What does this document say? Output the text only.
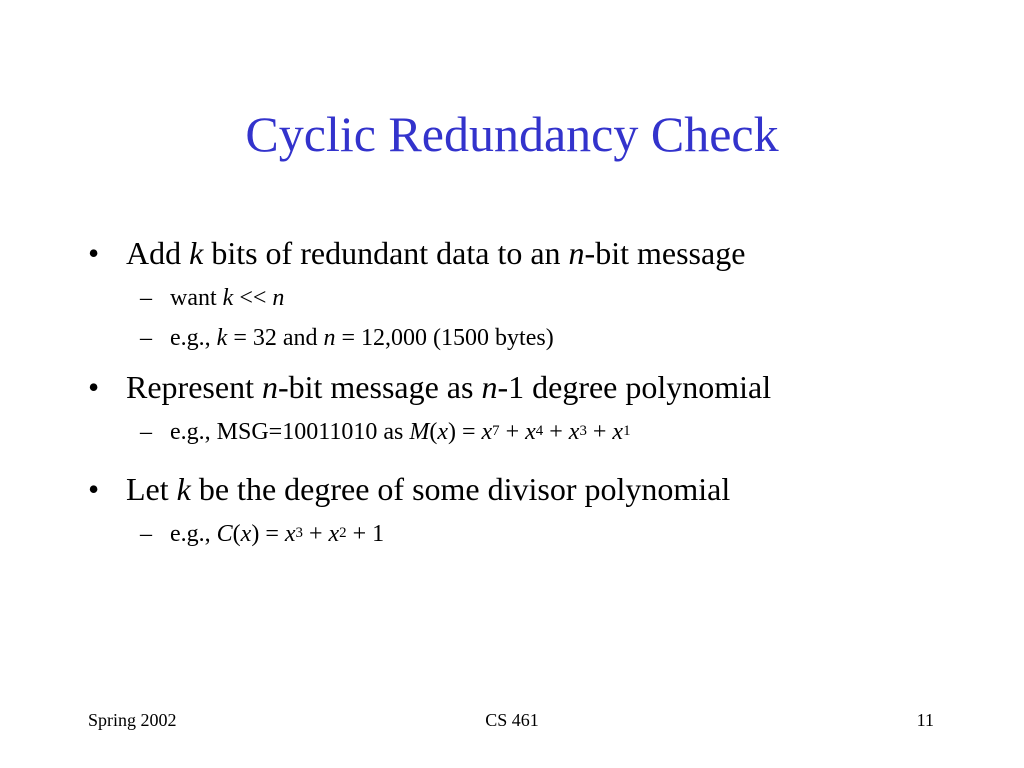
Cyclic Redundancy Check
• Add k bits of redundant data to an n-bit message
– want k << n
– e.g., k = 32 and n = 12,000 (1500 bytes)
• Represent n-bit message as n-1 degree polynomial
– e.g., MSG=10011010 as $M(x) = x^7 + x^4 + x^3 + x^1$
• Let k be the degree of some divisor polynomial
– e.g., $C(x) = x^3 + x^2 + 1$
Spring 2002	CS 461	11
